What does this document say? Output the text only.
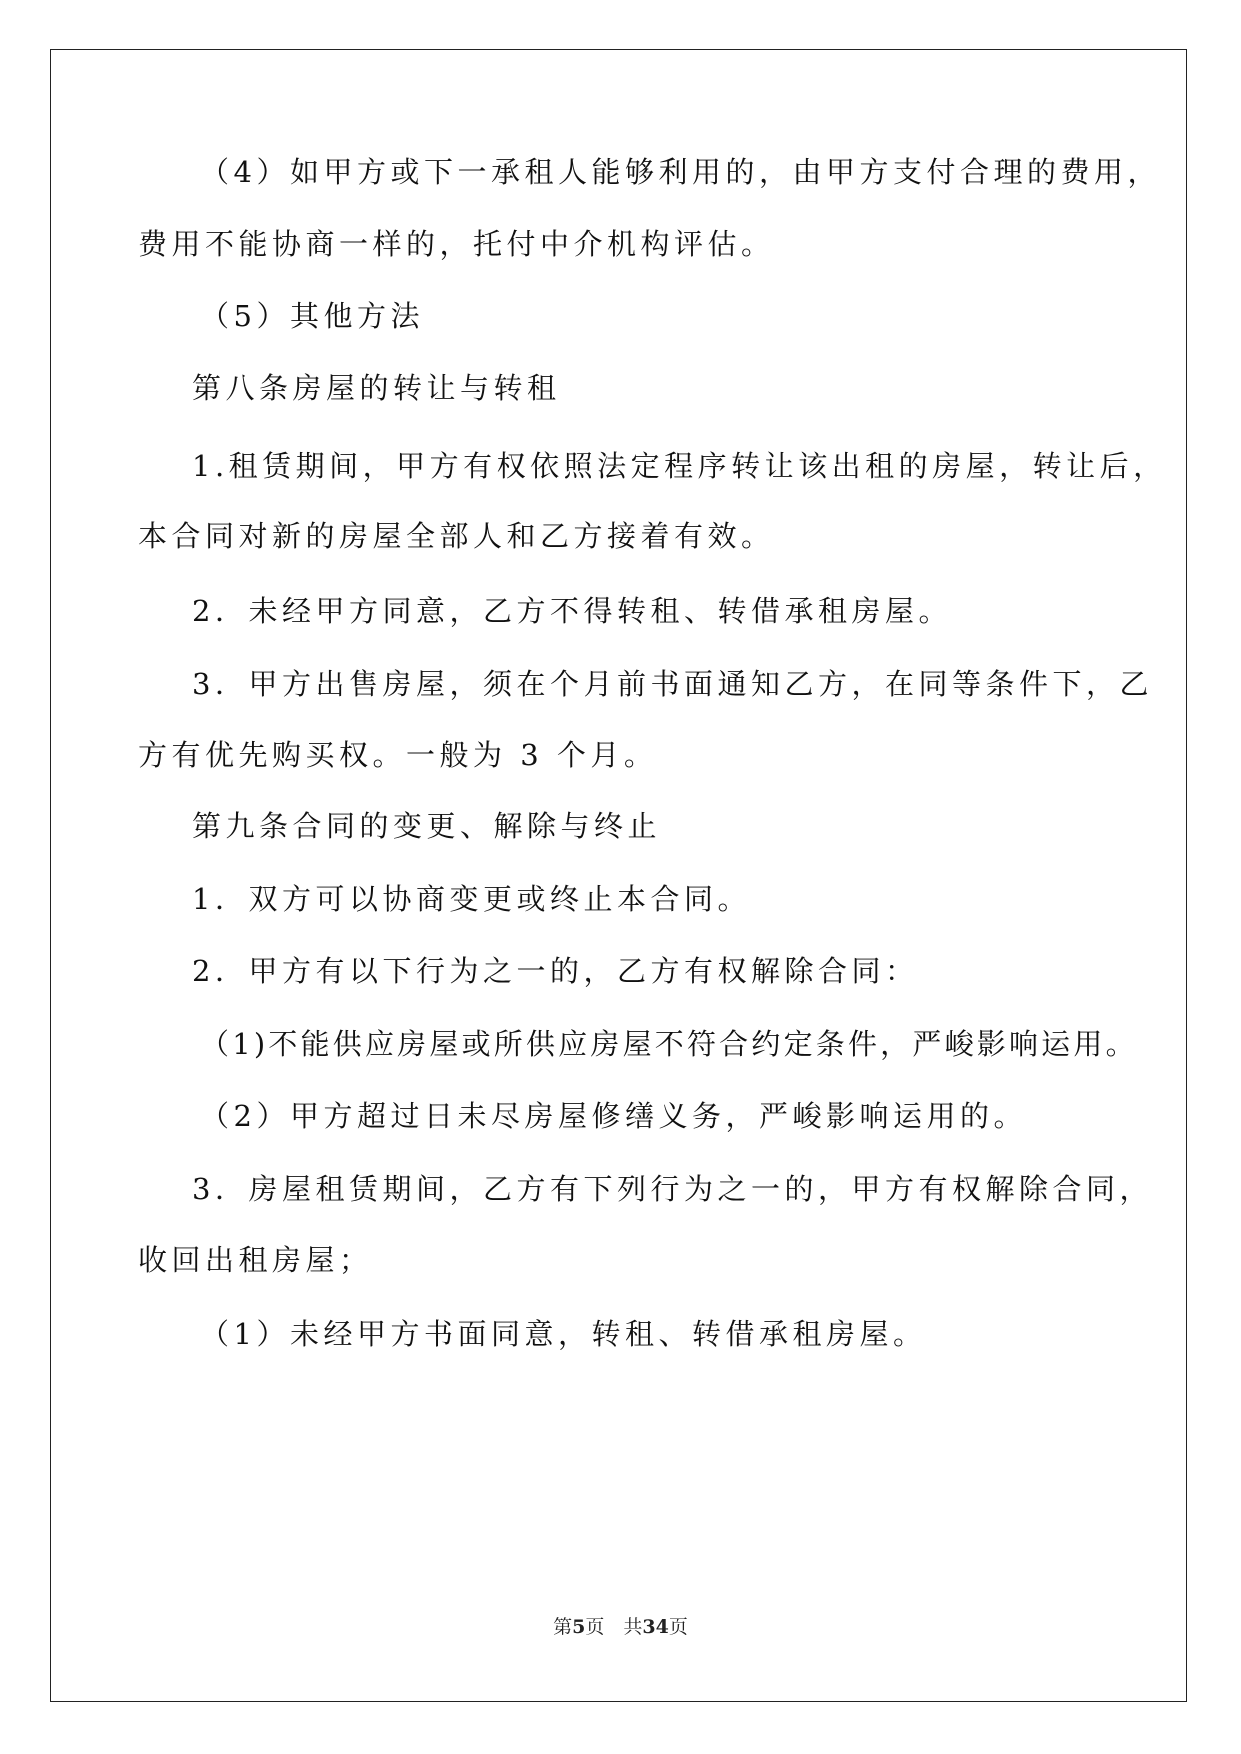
（4）如甲方或下一承租人能够利用的，由甲方支付合理的费用，
费用不能协商一样的，托付中介机构评估。
（5）其他方法
第八条房屋的转让与转租
1.租赁期间，甲方有权依照法定程序转让该出租的房屋，转让后，
本合同对新的房屋全部人和乙方接着有效。
2．未经甲方同意，乙方不得转租、转借承租房屋。
3．甲方出售房屋，须在个月前书面通知乙方，在同等条件下，乙
方有优先购买权。一般为 3 个月。
第九条合同的变更、解除与终止
1．双方可以协商变更或终止本合同。
2．甲方有以下行为之一的，乙方有权解除合同：
（1)不能供应房屋或所供应房屋不符合约定条件，严峻影响运用。
（2）甲方超过日未尽房屋修缮义务，严峻影响运用的。
3．房屋租赁期间，乙方有下列行为之一的，甲方有权解除合同，
收回出租房屋；
（1）未经甲方书面同意，转租、转借承租房屋。
第5页　共34页
